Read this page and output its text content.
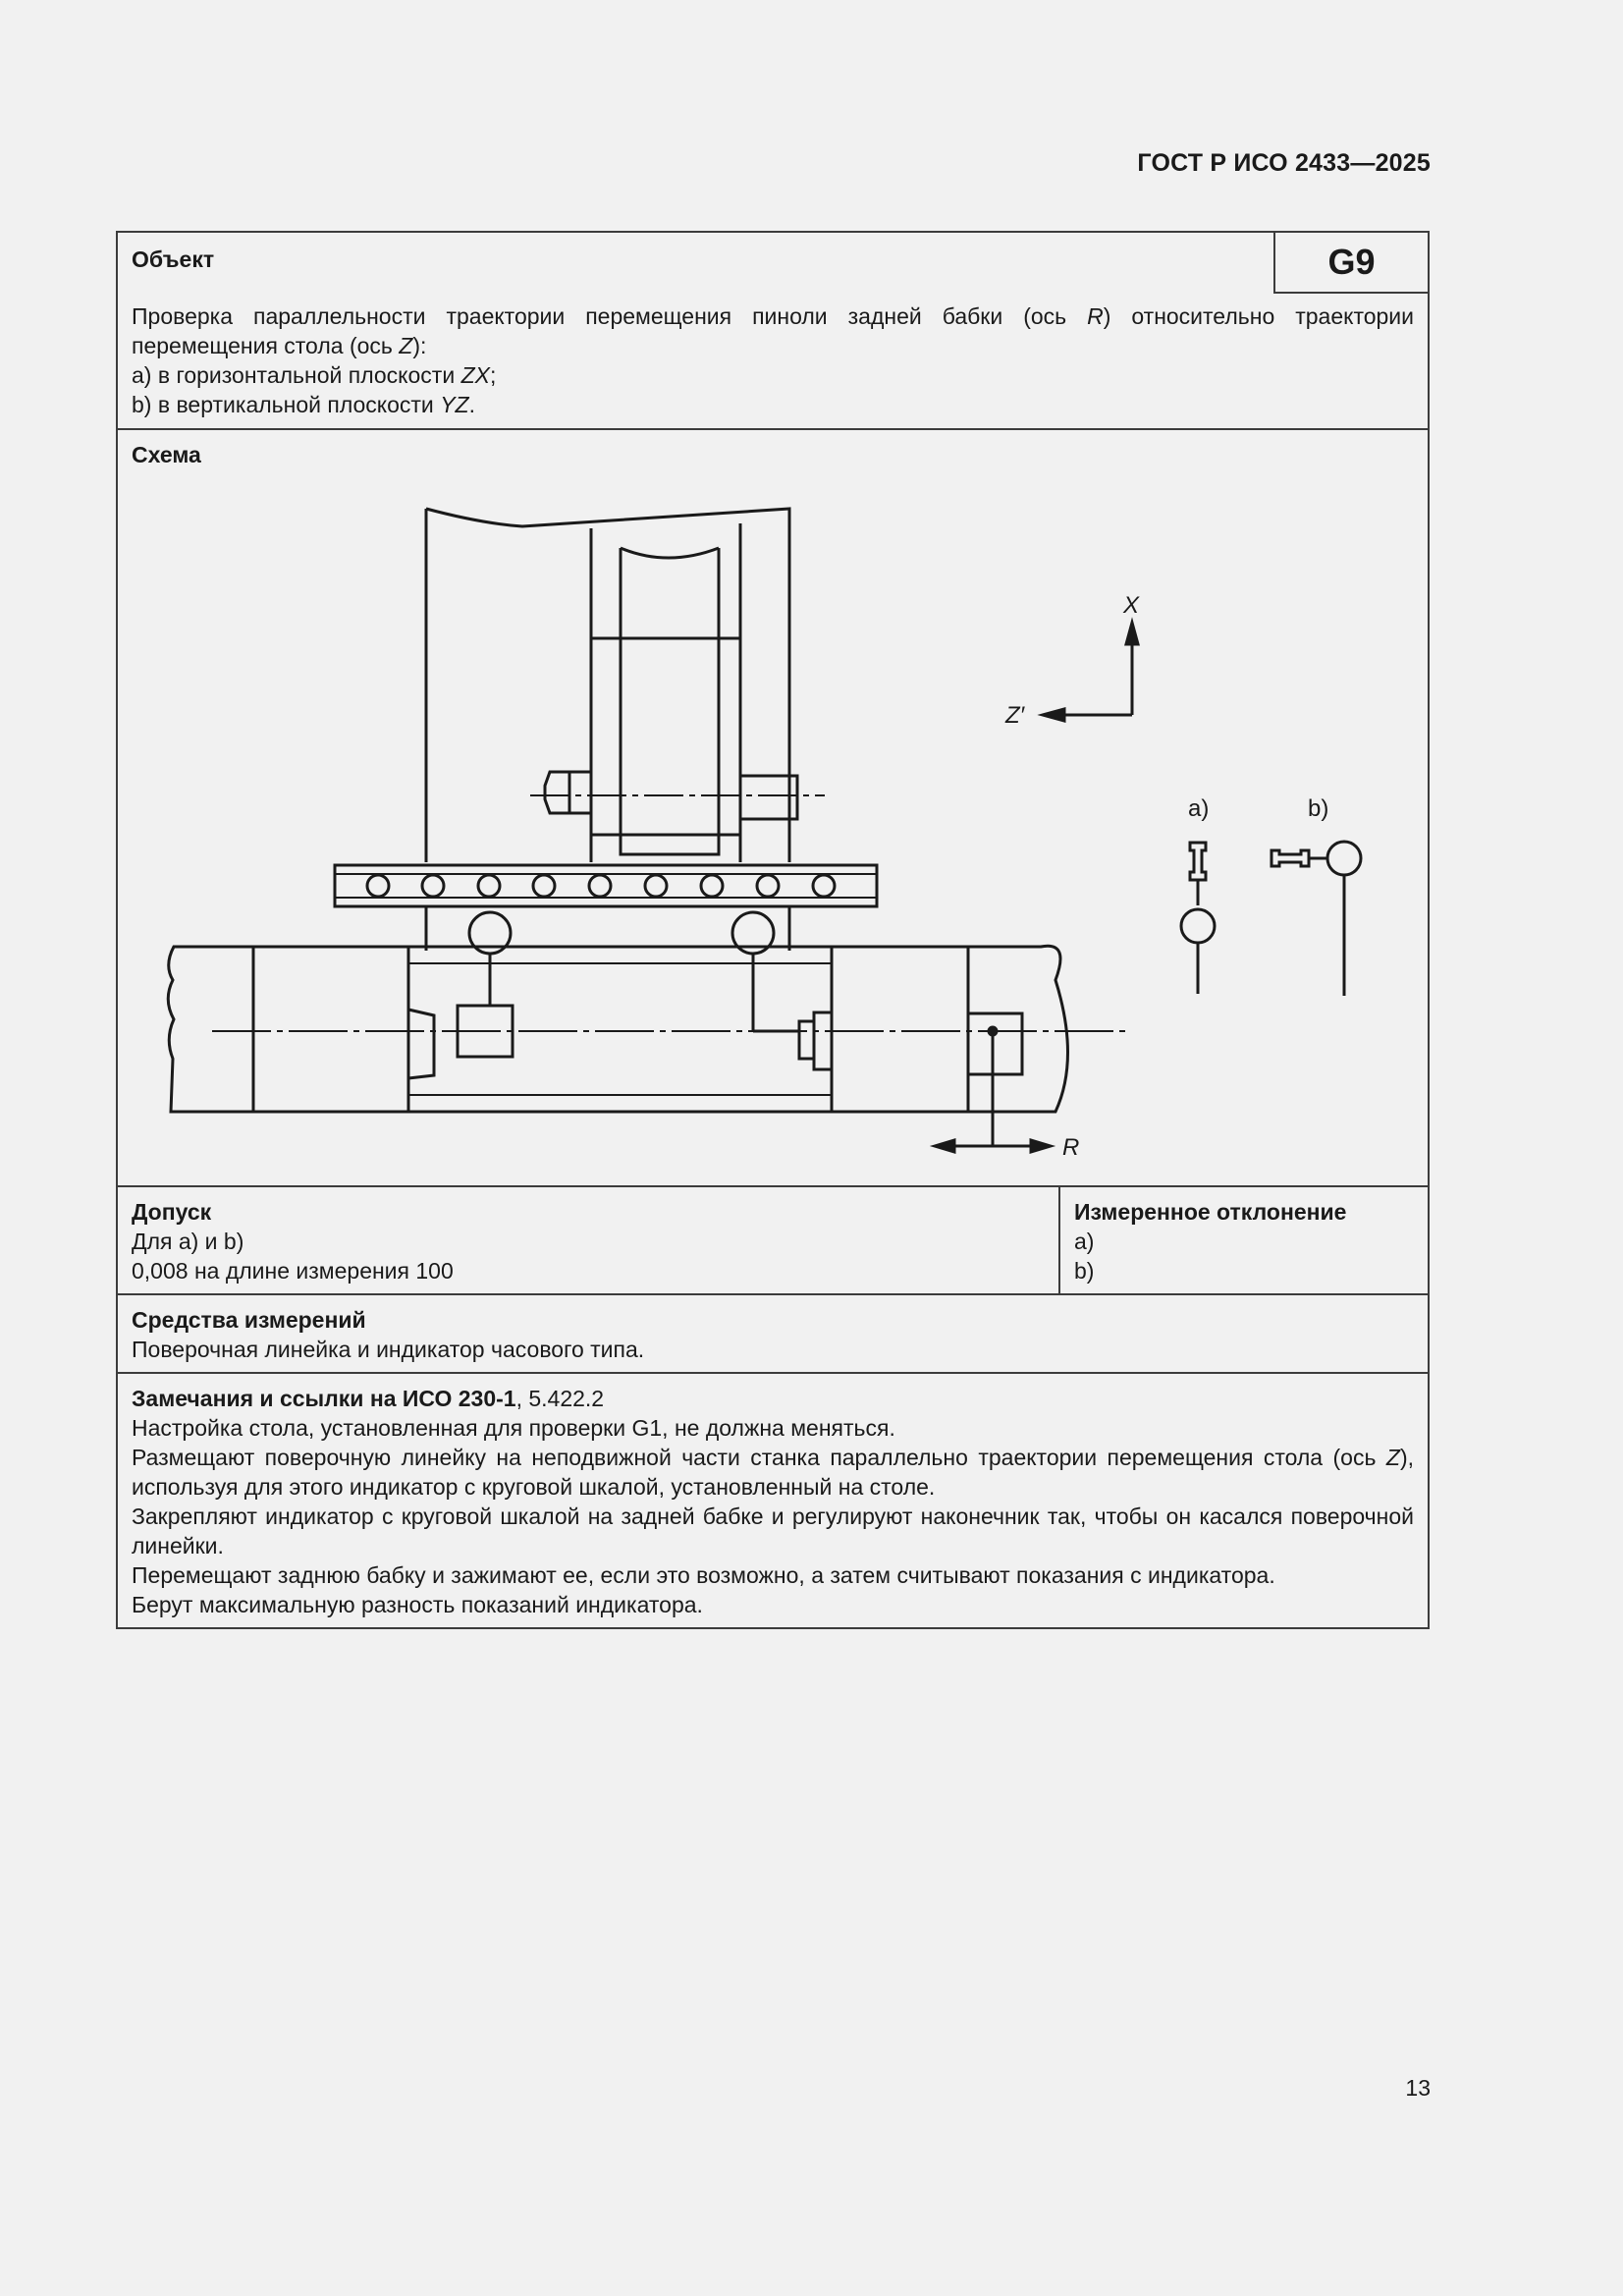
ГОСТ Р ИСО 2433—2025
Объект	G9

Проверка параллельности траектории перемещения пиноли задней бабки (ось R) относительно траектории перемещения стола (ось Z):

a) в горизонтальной плоскости ZX;

b) в вертикальной плоскости YZ.

R
X
Z′
a)	b)
Схема
Допуск
Для a) и b)
0,008 на длине измерения 100
Измеренное отклонение
a)
b)
Средства измерений
Поверочная линейка и индикатор часового типа.
Замечания и ссылки на ИСО 230-1, 5.422.2

Настройка стола, установленная для проверки G1, не должна меняться.

Размещают поверочную линейку на неподвижной части станка параллельно траектории перемещения стола (ось Z), используя для этого индикатор с круговой шкалой, установленный на столе.

Закрепляют индикатор с круговой шкалой на задней бабке и регулируют наконечник так, чтобы он касался поверочной линейки.

Перемещают заднюю бабку и зажимают ее, если это возможно, а затем считывают показания с индикатора.

Берут максимальную разность показаний индикатора.

13
